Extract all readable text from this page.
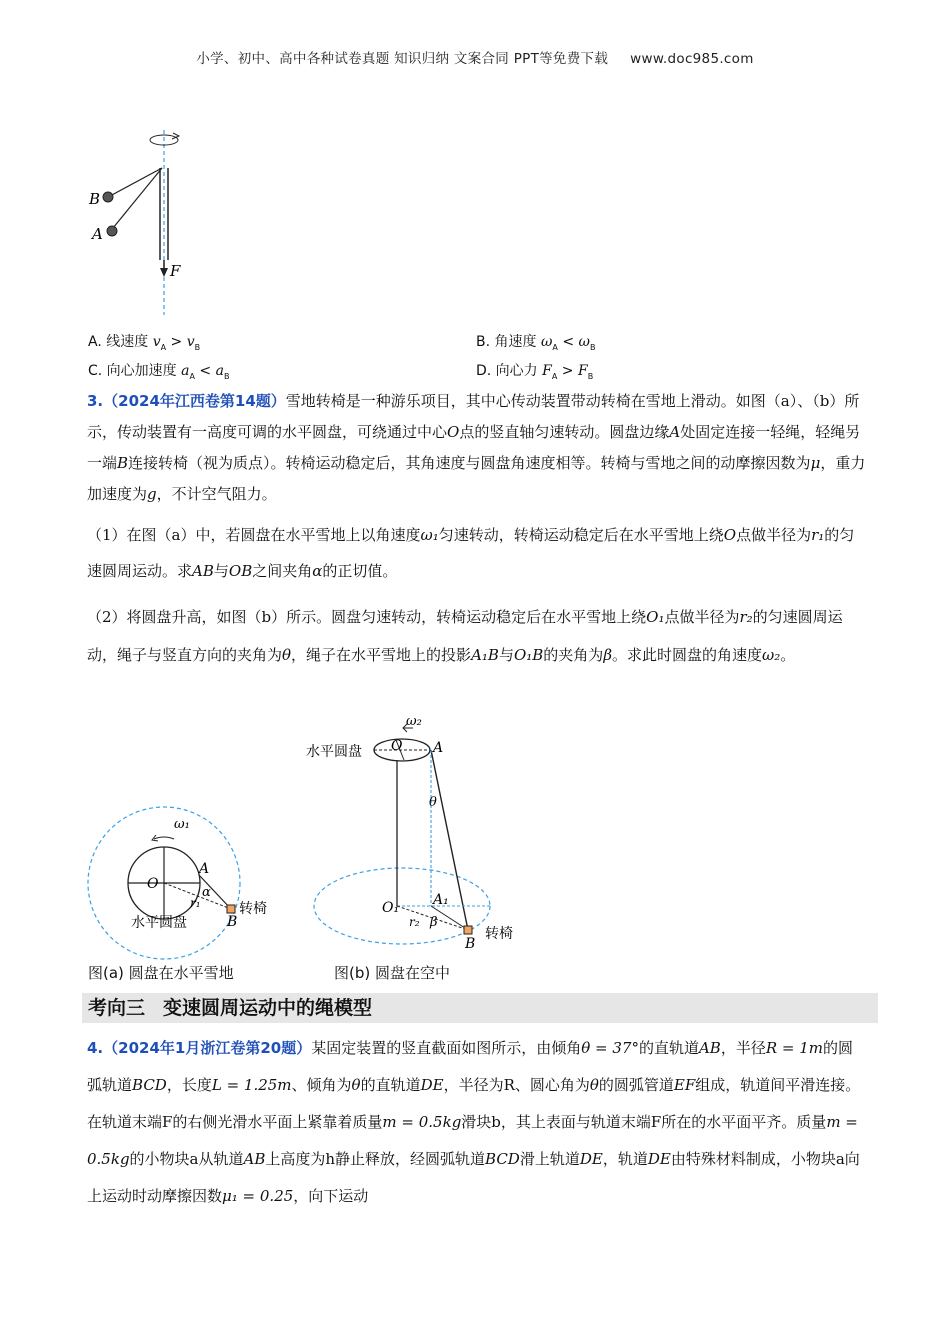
小学、初中、高中各种试卷真题 知识归纳 文案合同 PPT等免费下载 www.doc985.com
B
A
F
A. 线速度 $v_A > v_B$	B. 角速度 $\omega_A < \omega_B$
C. 向心加速度 $a_A < a_B$	D. 向心力 $F_A > F_B$
3.（2024年江西卷第14题）雪地转椅是一种游乐项目，其中心传动装置带动转椅在雪地上滑动。如图（a）、（b）所示，传动装置有一高度可调的水平圆盘，可绕通过中心O点的竖直轴匀速转动。圆盘边缘A处固定连接一轻绳，轻绳另一端B连接转椅（视为质点）。转椅运动稳定后，其角速度与圆盘角速度相等。转椅与雪地之间的动摩擦因数为μ，重力加速度为g，不计空气阻力。
（1）在图（a）中，若圆盘在水平雪地上以角速度ω₁匀速转动，转椅运动稳定后在水平雪地上绕O点做半径为r₁的匀速圆周运动。求AB与OB之间夹角α的正切值。
（2）将圆盘升高，如图（b）所示。圆盘匀速转动，转椅运动稳定后在水平雪地上绕O₁点做半径为r₂的匀速圆周运动，绳子与竖直方向的夹角为θ，绳子在水平雪地上的投影A₁B与O₁B的夹角为β。求此时圆盘的角速度ω₂。
ω₁
O
A
α
r₁
B
转椅
水平圆盘
图(a) 圆盘在水平雪地
ω₂
水平圆盘 O A
θ
O₁ A₁
r₂ β
B
转椅
图(b) 圆盘在空中
考向三 变速圆周运动中的绳模型
4.（2024年1月浙江卷第20题）某固定装置的竖直截面如图所示，由倾角θ = 37°的直轨道AB，半径R = 1m的圆弧轨道BCD，长度L = 1.25m、倾角为θ的直轨道DE，半径为R、圆心角为θ的圆弧管道EF组成，轨道间平滑连接。在轨道末端F的右侧光滑水平面上紧靠着质量m = 0.5kg滑块b，其上表面与轨道末端F所在的水平面平齐。质量m = 0.5kg的小物块a从轨道AB上高度为h静止释放，经圆弧轨道BCD滑上轨道DE，轨道DE由特殊材料制成，小物块a向上运动时动摩擦因数μ₁ = 0.25，向下运动
